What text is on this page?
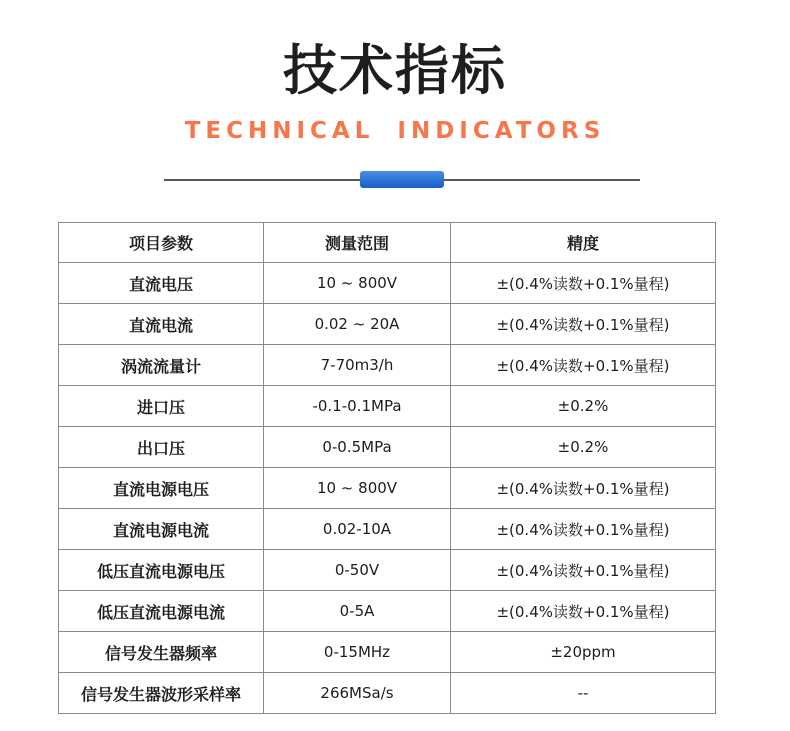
技术指标
TECHNICAL INDICATORS
项目参数	测量范围	精度
直流电压	10 ~ 800V	±(0.4%读数+0.1%量程)
直流电流	0.02 ~ 20A	±(0.4%读数+0.1%量程)
涡流流量计	7-70m3/h	±(0.4%读数+0.1%量程)
进口压	-0.1-0.1MPa	±0.2%
出口压	0-0.5MPa	±0.2%
直流电源电压	10 ~ 800V	±(0.4%读数+0.1%量程)
直流电源电流	0.02-10A	±(0.4%读数+0.1%量程)
低压直流电源电压	0-50V	±(0.4%读数+0.1%量程)
低压直流电源电流	0-5A	±(0.4%读数+0.1%量程)
信号发生器频率	0-15MHz	±20ppm
信号发生器波形采样率	266MSa/s	--
